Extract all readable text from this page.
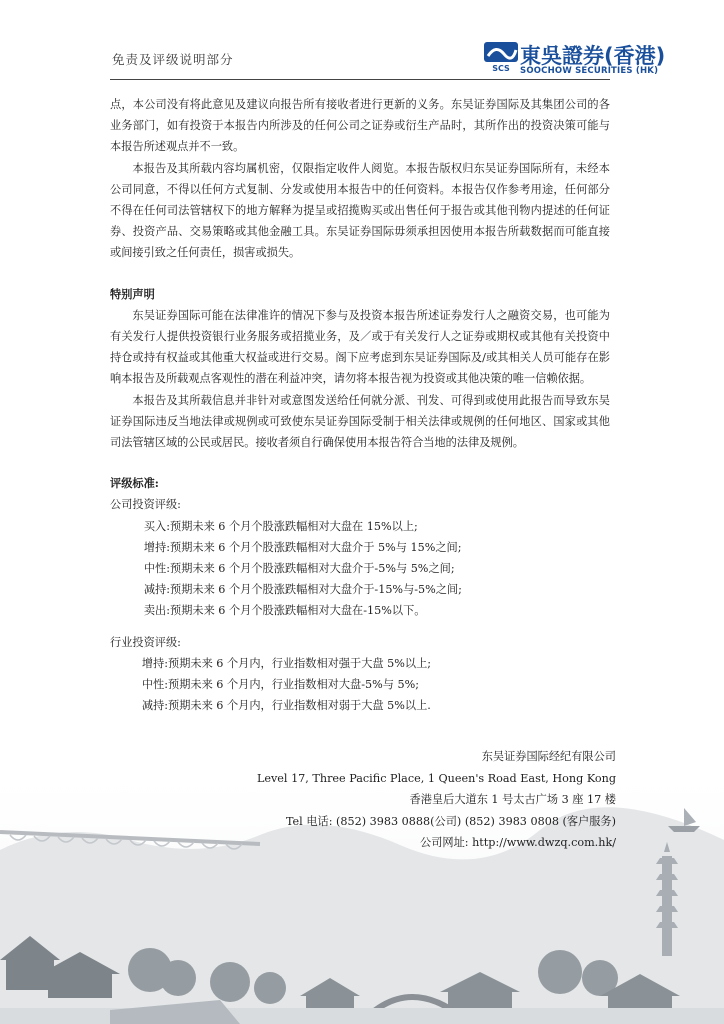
免责及评级说明部分
SCS
東吳證券(香港)
SOOCHOW SECURITIES (HK)

点，本公司没有将此意见及建议向报告所有接收者进行更新的义务。东吴证券国际及其集团公司的各业务部门，如有投资于本报告内所涉及的任何公司之证券或衍生产品时，其所作出的投资决策可能与本报告所述观点并不一致。

本报告及其所载内容均属机密，仅限指定收件人阅览。本报告版权归东吴证券国际所有，未经本公司同意，不得以任何方式复制、分发或使用本报告中的任何资料。本报告仅作参考用途，任何部分不得在任何司法管辖权下的地方解释为提呈或招揽购买或出售任何于报告或其他刊物内提述的任何证券、投资产品、交易策略或其他金融工具。东吴证券国际毋须承担因使用本报告所载数据而可能直接或间接引致之任何责任，损害或损失。

特别声明

东吴证券国际可能在法律准许的情况下参与及投资本报告所述证券发行人之融资交易，也可能为有关发行人提供投资银行业务服务或招揽业务，及／或于有关发行人之证券或期权或其他有关投资中持仓或持有权益或其他重大权益或进行交易。阁下应考虑到东吴证券国际及/或其相关人员可能存在影响本报告及所载观点客观性的潜在利益冲突，请勿将本报告视为投资或其他决策的唯一信赖依据。

本报告及其所载信息并非针对或意图发送给任何就分派、刊发、可得到或使用此报告而导致东吴证券国际违反当地法律或规例或可致使东吴证券国际受制于相关法律或规例的任何地区、国家或其他司法管辖区域的公民或居民。接收者须自行确保使用本报告符合当地的法律及规例。

评级标准:

公司投资评级:

买入: 预期未来 6 个月个股涨跌幅相对大盘在 15%以上;
增持: 预期未来 6 个月个股涨跌幅相对大盘介于 5%与 15%之间;
中性: 预期未来 6 个月个股涨跌幅相对大盘介于-5%与 5%之间;
减持: 预期未来 6 个月个股涨跌幅相对大盘介于-15%与-5%之间;
卖出: 预期未来 6 个月个股涨跌幅相对大盘在-15%以下。

行业投资评级:

增持: 预期未来 6 个月内，行业指数相对强于大盘 5%以上;
中性: 预期未来 6 个月内，行业指数相对大盘-5%与 5%;
减持: 预期未来 6 个月内，行业指数相对弱于大盘 5%以上.
东吴证券国际经纪有限公司
Level 17, Three Pacific Place, 1 Queen's Road East, Hong Kong
香港皇后大道东 1 号太古广场 3 座 17 楼
Tel 电话: (852) 3983 0888(公司) (852) 3983 0808 (客户服务)
公司网址: http://www.dwzq.com.hk/
